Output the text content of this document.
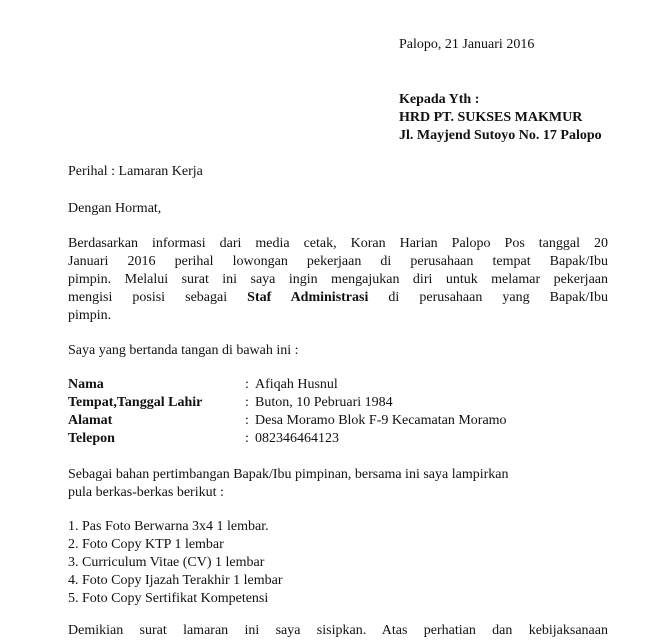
Palopo, 21 Januari 2016
Kepada Yth :
HRD PT. SUKSES MAKMUR
Jl. Mayjend Sutoyo No. 17 Palopo
Perihal : Lamaran Kerja
Dengan Hormat,
Berdasarkan informasi dari media cetak, Koran Harian Palopo Pos tanggal 20
Januari 2016 perihal lowongan pekerjaan di perusahaan tempat Bapak/Ibu
pimpin. Melalui surat ini saya ingin mengajukan diri untuk melamar pekerjaan
mengisi posisi sebagai Staf Administrasi di perusahaan yang Bapak/Ibu
pimpin.
Saya yang bertanda tangan di bawah ini :
Nama	: Afiqah Husnul
Tempat,Tanggal Lahir	: Buton, 10 Pebruari 1984
Alamat	: Desa Moramo Blok F-9 Kecamatan Moramo
Telepon	: 082346464123
Sebagai bahan pertimbangan Bapak/Ibu pimpinan, bersama ini saya lampirkan
pula berkas-berkas berikut :
1. Pas Foto Berwarna 3x4 1 lembar.
2. Foto Copy KTP 1 lembar
3. Curriculum Vitae (CV) 1 lembar
4. Foto Copy Ijazah Terakhir 1 lembar
5. Foto Copy Sertifikat Kompetensi
Demikian surat lamaran ini saya sisipkan. Atas perhatian dan kebijaksanaan
